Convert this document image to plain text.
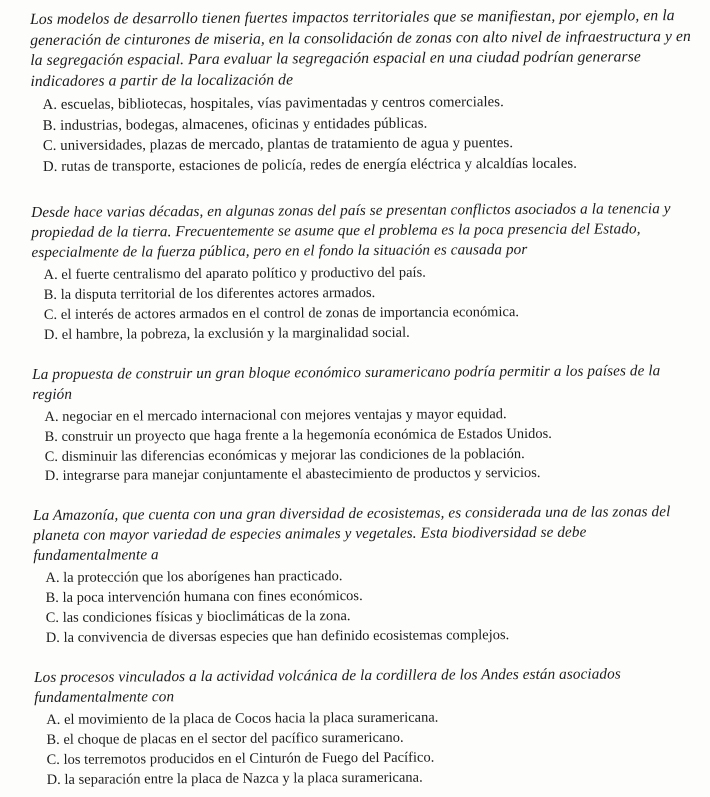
Los modelos de desarrollo tienen fuertes impactos territoriales que se manifiestan, por ejemplo, en la generación de cinturones de miseria, en la consolidación de zonas con alto nivel de infraestructura y en la segregación espacial. Para evaluar la segregación espacial en una ciudad podrían generarse indicadores a partir de la localización de

A. escuelas, bibliotecas, hospitales, vías pavimentadas y centros comerciales.
B. industrias, bodegas, almacenes, oficinas y entidades públicas.
C. universidades, plazas de mercado, plantas de tratamiento de agua y puentes.
D. rutas de transporte, estaciones de policía, redes de energía eléctrica y alcaldías locales.

Desde hace varias décadas, en algunas zonas del país se presentan conflictos asociados a la tenencia y propiedad de la tierra. Frecuentemente se asume que el problema es la poca presencia del Estado, especialmente de la fuerza pública, pero en el fondo la situación es causada por

A. el fuerte centralismo del aparato político y productivo del país.
B. la disputa territorial de los diferentes actores armados.
C. el interés de actores armados en el control de zonas de importancia económica.
D. el hambre, la pobreza, la exclusión y la marginalidad social.

La propuesta de construir un gran bloque económico suramericano podría permitir a los países de la región

A. negociar en el mercado internacional con mejores ventajas y mayor equidad.
B. construir un proyecto que haga frente a la hegemonía económica de Estados Unidos.
C. disminuir las diferencias económicas y mejorar las condiciones de la población.
D. integrarse para manejar conjuntamente el abastecimiento de productos y servicios.

La Amazonía, que cuenta con una gran diversidad de ecosistemas, es considerada una de las zonas del planeta con mayor variedad de especies animales y vegetales. Esta biodiversidad se debe fundamentalmente a

A. la protección que los aborígenes han practicado.
B. la poca intervención humana con fines económicos.
C. las condiciones físicas y bioclimáticas de la zona.
D. la convivencia de diversas especies que han definido ecosistemas complejos.

Los procesos vinculados a la actividad volcánica de la cordillera de los Andes están asociados fundamentalmente con

A. el movimiento de la placa de Cocos hacia la placa suramericana.
B. el choque de placas en el sector del pacífico suramericano.
C. los terremotos producidos en el Cinturón de Fuego del Pacífico.
D. la separación entre la placa de Nazca y la placa suramericana.
